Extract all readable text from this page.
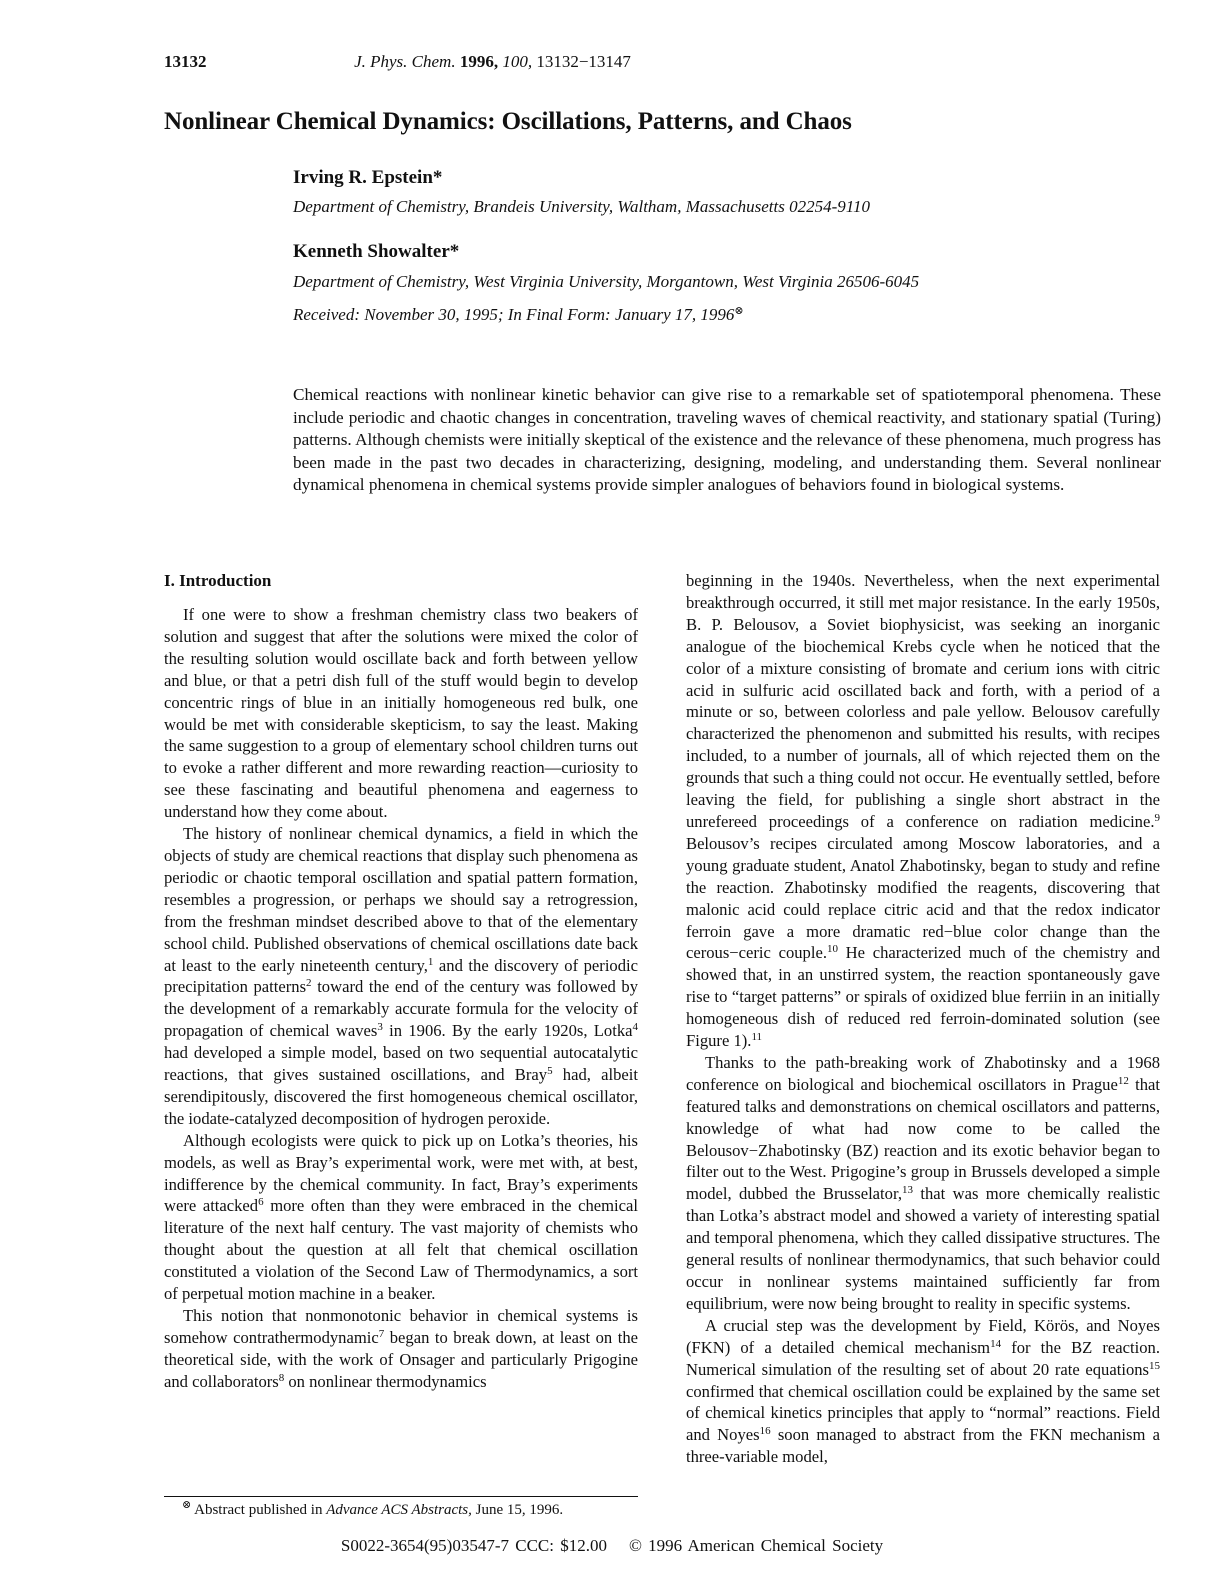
13132	J. Phys. Chem. 1996, 100, 13132−13147
Nonlinear Chemical Dynamics: Oscillations, Patterns, and Chaos
Irving R. Epstein*
Department of Chemistry, Brandeis University, Waltham, Massachusetts 02254-9110
Kenneth Showalter*
Department of Chemistry, West Virginia University, Morgantown, West Virginia 26506-6045
Received: November 30, 1995; In Final Form: January 17, 1996⊗
Chemical reactions with nonlinear kinetic behavior can give rise to a remarkable set of spatiotemporal phenomena. These include periodic and chaotic changes in concentration, traveling waves of chemical reactivity, and stationary spatial (Turing) patterns. Although chemists were initially skeptical of the existence and the relevance of these phenomena, much progress has been made in the past two decades in characterizing, designing, modeling, and understanding them. Several nonlinear dynamical phenomena in chemical systems provide simpler analogues of behaviors found in biological systems.
I. Introduction

If one were to show a freshman chemistry class two beakers of solution and suggest that after the solutions were mixed the color of the resulting solution would oscillate back and forth between yellow and blue, or that a petri dish full of the stuff would begin to develop concentric rings of blue in an initially homogeneous red bulk, one would be met with considerable skepticism, to say the least. Making the same suggestion to a group of elementary school children turns out to evoke a rather different and more rewarding reaction—curiosity to see these fascinating and beautiful phenomena and eagerness to understand how they come about.

The history of nonlinear chemical dynamics, a field in which the objects of study are chemical reactions that display such phenomena as periodic or chaotic temporal oscillation and spatial pattern formation, resembles a progression, or perhaps we should say a retrogression, from the freshman mindset described above to that of the elementary school child. Published observations of chemical oscillations date back at least to the early nineteenth century,$^1$ and the discovery of periodic precipitation patterns$^2$ toward the end of the century was followed by the development of a remarkably accurate formula for the velocity of propagation of chemical waves$^3$ in 1906. By the early 1920s, Lotka$^4$ had developed a simple model, based on two sequential autocatalytic reactions, that gives sustained oscillations, and Bray$^5$ had, albeit serendipitously, discovered the first homogeneous chemical oscillator, the iodate-catalyzed decomposition of hydrogen peroxide.

Although ecologists were quick to pick up on Lotka’s theories, his models, as well as Bray’s experimental work, were met with, at best, indifference by the chemical community. In fact, Bray’s experiments were attacked$^6$ more often than they were embraced in the chemical literature of the next half century. The vast majority of chemists who thought about the question at all felt that chemical oscillation constituted a violation of the Second Law of Thermodynamics, a sort of perpetual motion machine in a beaker.

This notion that nonmonotonic behavior in chemical systems is somehow contrathermodynamic$^7$ began to break down, at least on the theoretical side, with the work of Onsager and particularly Prigogine and collaborators$^8$ on nonlinear thermodynamics

beginning in the 1940s. Nevertheless, when the next experimental breakthrough occurred, it still met major resistance. In the early 1950s, B. P. Belousov, a Soviet biophysicist, was seeking an inorganic analogue of the biochemical Krebs cycle when he noticed that the color of a mixture consisting of bromate and cerium ions with citric acid in sulfuric acid oscillated back and forth, with a period of a minute or so, between colorless and pale yellow. Belousov carefully characterized the phenomenon and submitted his results, with recipes included, to a number of journals, all of which rejected them on the grounds that such a thing could not occur. He eventually settled, before leaving the field, for publishing a single short abstract in the unrefereed proceedings of a conference on radiation medicine.$^9$ Belousov’s recipes circulated among Moscow laboratories, and a young graduate student, Anatol Zhabotinsky, began to study and refine the reaction. Zhabotinsky modified the reagents, discovering that malonic acid could replace citric acid and that the redox indicator ferroin gave a more dramatic red−blue color change than the cerous−ceric couple.$^{10}$ He characterized much of the chemistry and showed that, in an unstirred system, the reaction spontaneously gave rise to “target patterns” or spirals of oxidized blue ferriin in an initially homogeneous dish of reduced red ferroin-dominated solution (see Figure 1).$^{11}$

Thanks to the path-breaking work of Zhabotinsky and a 1968 conference on biological and biochemical oscillators in Prague$^{12}$ that featured talks and demonstrations on chemical oscillators and patterns, knowledge of what had now come to be called the Belousov−Zhabotinsky (BZ) reaction and its exotic behavior began to filter out to the West. Prigogine’s group in Brussels developed a simple model, dubbed the Brusselator,$^{13}$ that was more chemically realistic than Lotka’s abstract model and showed a variety of interesting spatial and temporal phenomena, which they called dissipative structures. The general results of nonlinear thermodynamics, that such behavior could occur in nonlinear systems maintained sufficiently far from equilibrium, were now being brought to reality in specific systems.

A crucial step was the development by Field, Körös, and Noyes (FKN) of a detailed chemical mechanism$^{14}$ for the BZ reaction. Numerical simulation of the resulting set of about 20 rate equations$^{15}$ confirmed that chemical oscillation could be explained by the same set of chemical kinetics principles that apply to “normal” reactions. Field and Noyes$^{16}$ soon managed to abstract from the FKN mechanism a three-variable model,

⊗ Abstract published in Advance ACS Abstracts, June 15, 1996.
S0022-3654(95)03547-7 CCC: $12.00 © 1996 American Chemical Society
